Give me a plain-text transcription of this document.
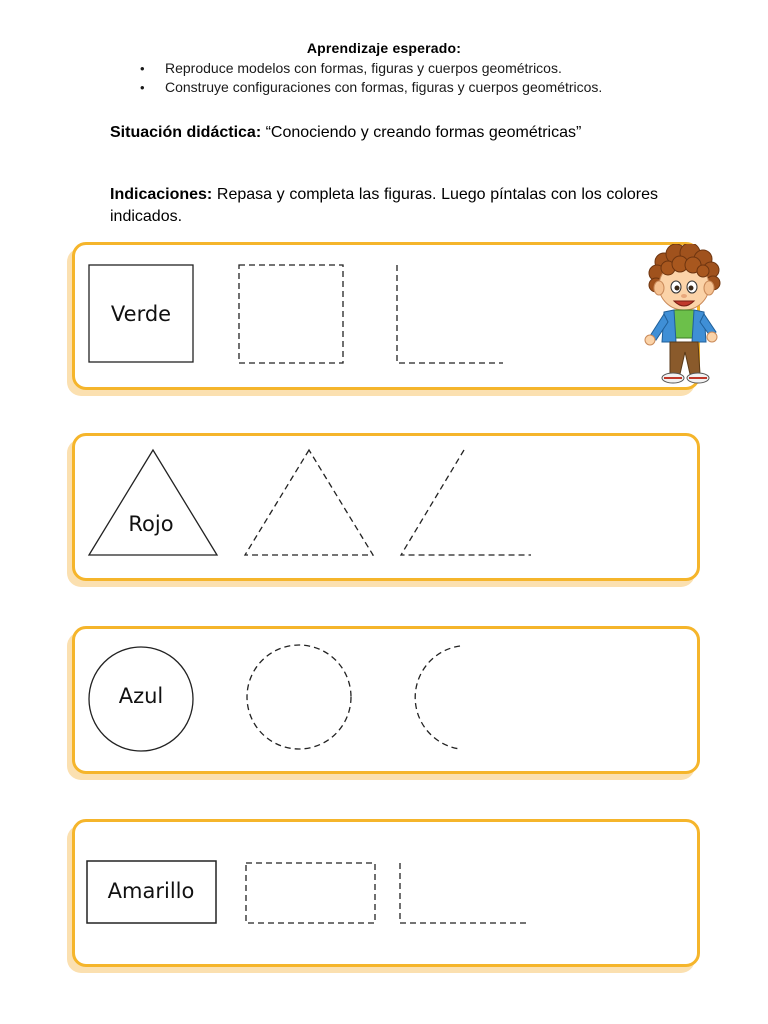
Aprendizaje esperado:

• Reproduce modelos con formas, figuras y cuerpos geométricos.
• Construye configuraciones con formas, figuras y cuerpos geométricos.
Situación didáctica: “Conociendo y creando formas geométricas”
Indicaciones: Repasa y completa las figuras. Luego píntalas con los colores indicados.
Verde
Rojo
Azul
Amarillo
